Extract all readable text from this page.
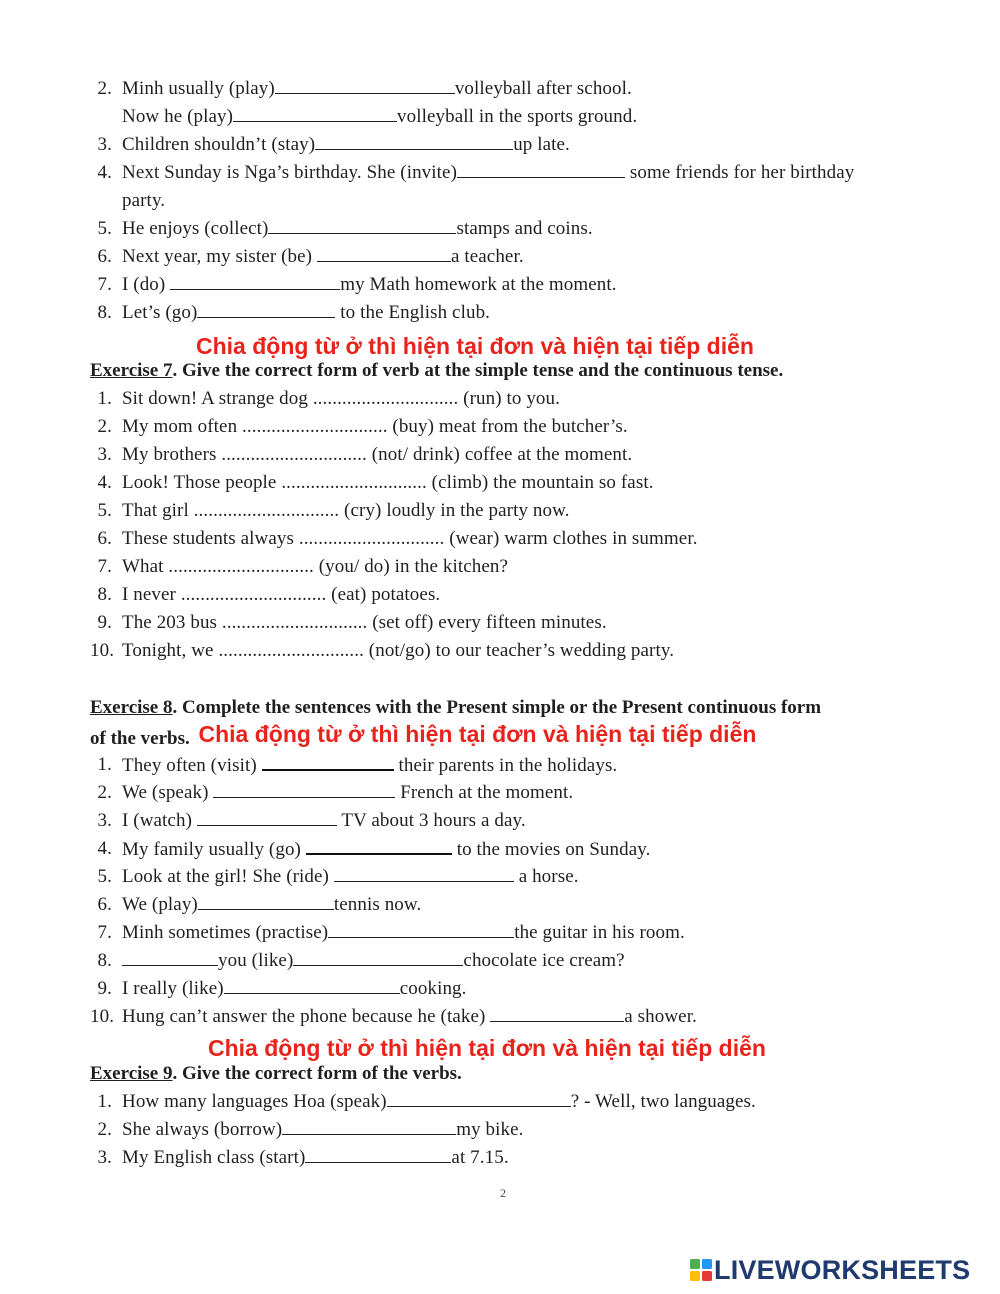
2. Minh usually (play)	volleyball after school.
Now he (play)	volleyball in the sports ground.
3. Children shouldn’t (stay)	up late.
4. Next Sunday is Nga’s birthday. She (invite)	some friends for her birthday
party.
5. He enjoys (collect)	stamps and coins.
6. Next year, my sister (be)	a teacher.
7. I (do)	my Math homework at the moment.
8. Let’s (go)	to the English club.
Chia động từ ở thì hiện tại đơn và hiện tại tiếp diễn
Exercise 7. Give the correct form of verb at the simple tense and the continuous tense.
1. Sit down! A strange dog .............................. (run) to you.
2. My mom often .............................. (buy) meat from the butcher’s.
3. My brothers .............................. (not/ drink) coffee at the moment.
4. Look! Those people .............................. (climb) the mountain so fast.
5. That girl .............................. (cry) loudly in the party now.
6. These students always .............................. (wear) warm clothes in summer.
7. What .............................. (you/ do) in the kitchen?
8. I never .............................. (eat) potatoes.
9. The 203 bus .............................. (set off) every fifteen minutes.
10. Tonight, we .............................. (not/go) to our teacher’s wedding party.
Exercise 8. Complete the sentences with the Present simple or the Present continuous form
of the verbs. Chia động từ ở thì hiện tại đơn và hiện tại tiếp diễn
1. They often (visit)	their parents in the holidays.
2. We (speak)	French at the moment.
3. I (watch)	TV about 3 hours a day.
4. My family usually (go)	to the movies on Sunday.
5. Look at the girl! She (ride)	a horse.
6. We (play)	tennis now.
7. Minh sometimes (practise)	the guitar in his room.
8.	you (like)	chocolate ice cream?
9. I really (like)	cooking.
10. Hung can’t answer the phone because he (take)	a shower.
Chia động từ ở thì hiện tại đơn và hiện tại tiếp diễn
Exercise 9. Give the correct form of the verbs.
1. How many languages Hoa (speak)	? - Well, two languages.
2. She always (borrow)	my bike.
3. My English class (start)	at 7.15.
2
LIVEWORKSHEETS
